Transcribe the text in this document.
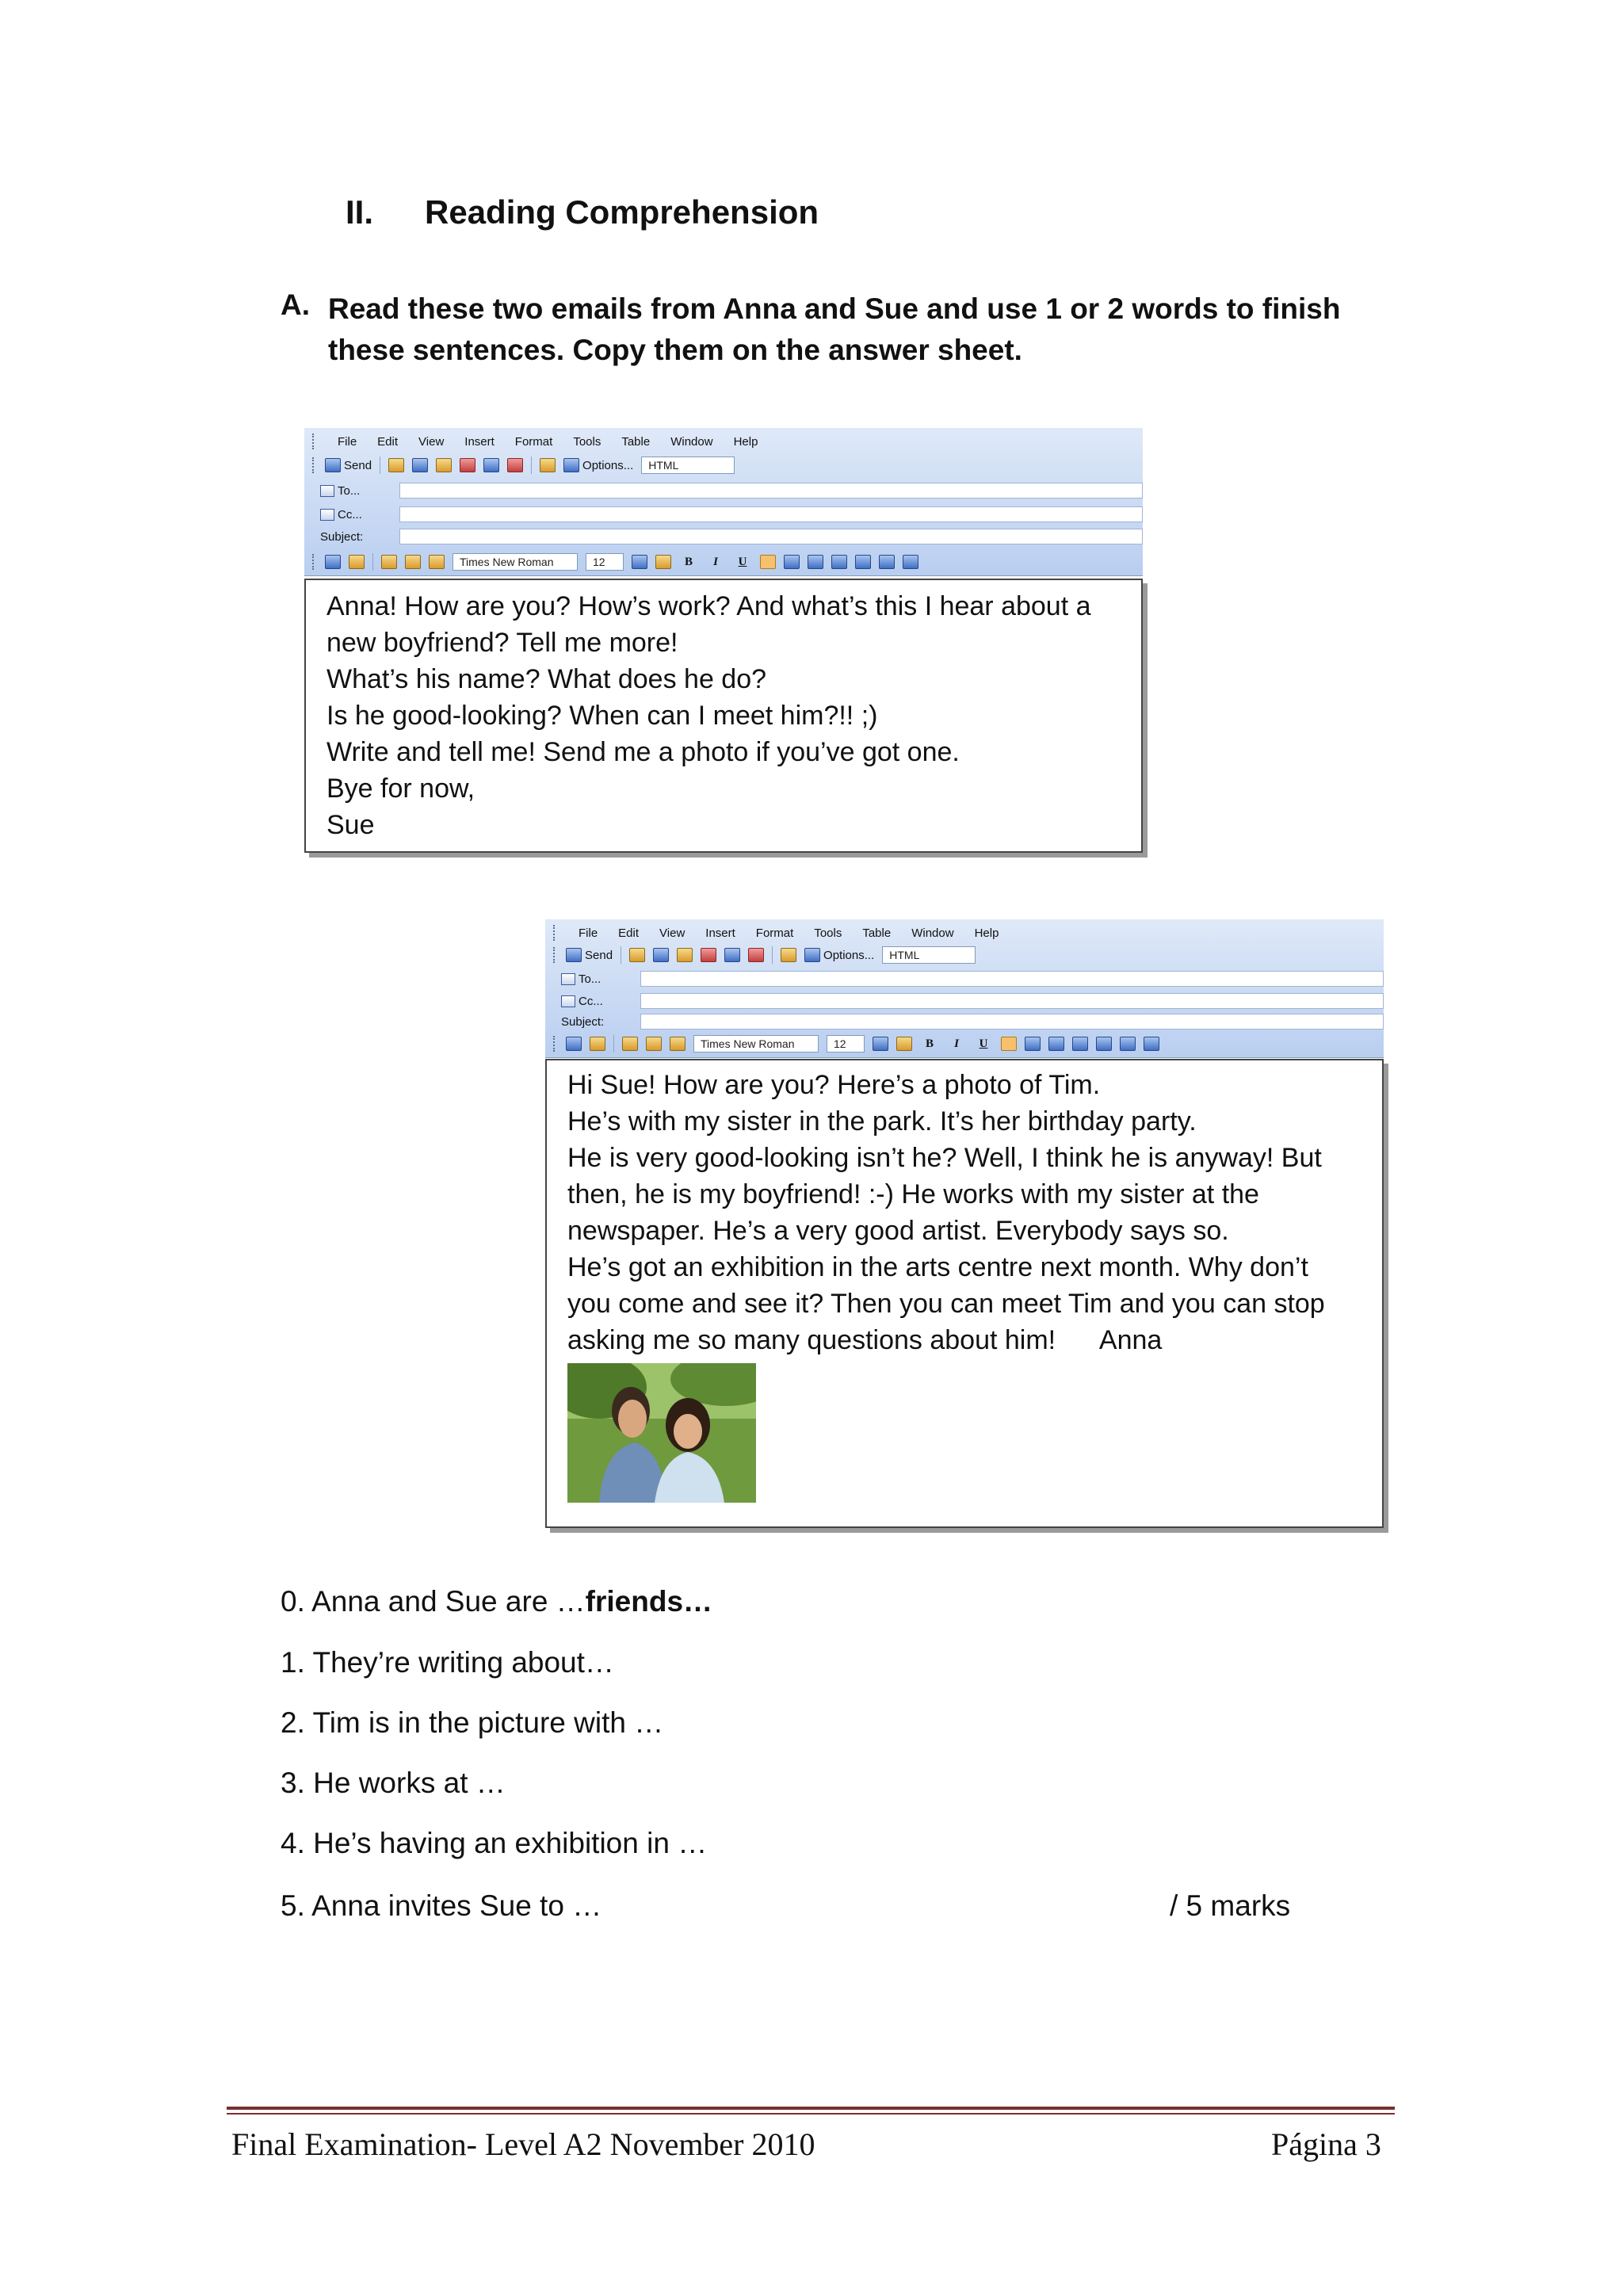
II. Reading Comprehension
A. Read these two emails from Anna and Sue and use 1 or 2 words to finish
these sentences. Copy them on the answer sheet.
File Edit View Insert Format Tools Table Window Help
Send	Options...	HTML
To...
Cc...
Subject:
Times New Roman	12	B	I	U
Anna! How are you? How’s work? And what’s this I hear about a
new boyfriend? Tell me more!
What’s his name? What does he do?
Is he good-looking? When can I meet him?!! ;)
Write and tell me! Send me a photo if you’ve got one.
Bye for now,
Sue
File Edit View Insert Format Tools Table Window Help
Send	Options...	HTML
To...
Cc...
Subject:
Times New Roman	12	B	I	U
Hi Sue! How are you? Here’s a photo of Tim.
He’s with my sister in the park. It’s her birthday party.
He is very good-looking isn’t he? Well, I think he is anyway! But
then, he is my boyfriend! :-) He works with my sister at the
newspaper. He’s a very good artist. Everybody says so.
He’s got an exhibition in the arts centre next month. Why don’t
you come and see it? Then you can meet Tim and you can stop
asking me so many questions about him!      Anna
0. Anna and Sue are …friends…
1. They’re writing about…
2. Tim is in the picture with …
3. He works at …
4. He’s having an exhibition in …
5. Anna invites Sue to …	/ 5 marks
Final Examination- Level A2 November 2010	Página 3
